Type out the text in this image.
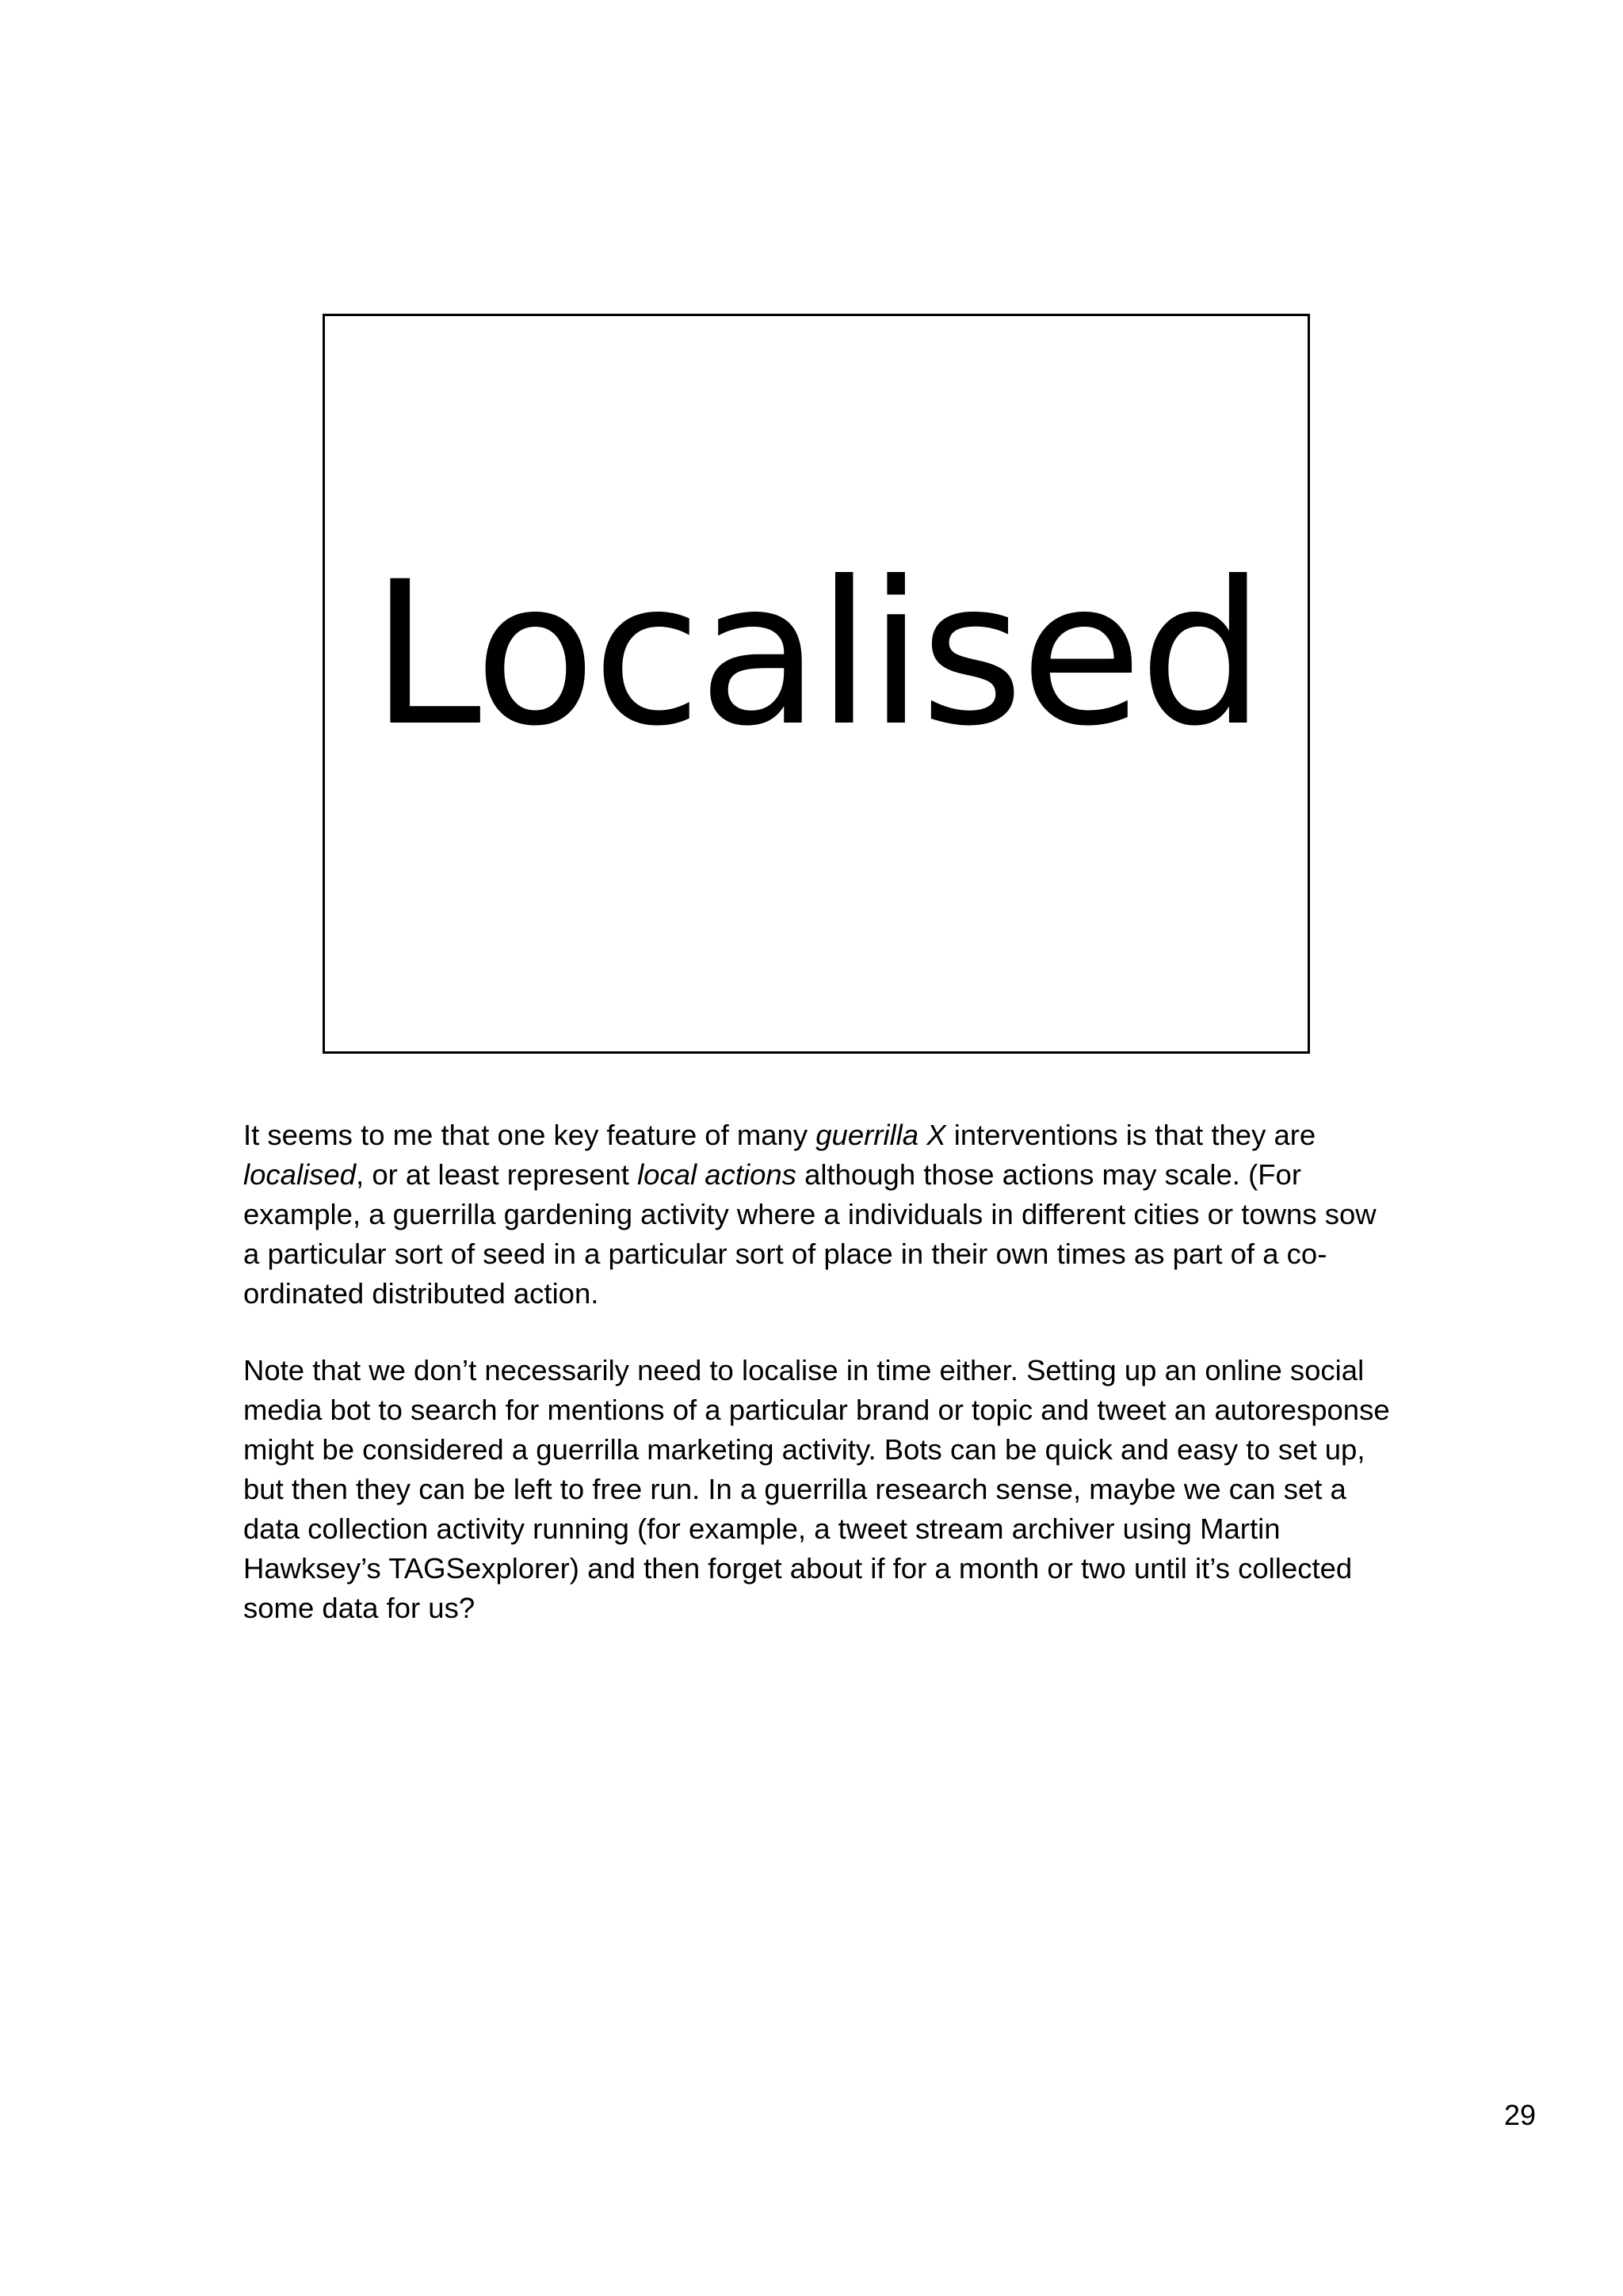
Localised

It seems to me that one key feature of many guerrilla X interventions is that they are localised, or at least represent local actions although those actions may scale. (For example, a guerrilla gardening activity where a individuals in different cities or towns sow a particular sort of seed in a particular sort of place in their own times as part of a co-ordinated distributed action.

Note that we don’t necessarily need to localise in time either. Setting up an online social media bot to search for mentions of a particular brand or topic and tweet an autoresponse might be considered a guerrilla marketing activity. Bots can be quick and easy to set up, but then they can be left to free run. In a guerrilla research sense, maybe we can set a data collection activity running (for example, a tweet stream archiver using Martin Hawksey’s TAGSexplorer) and then forget about if for a month or two until it’s collected some data for us?

29
